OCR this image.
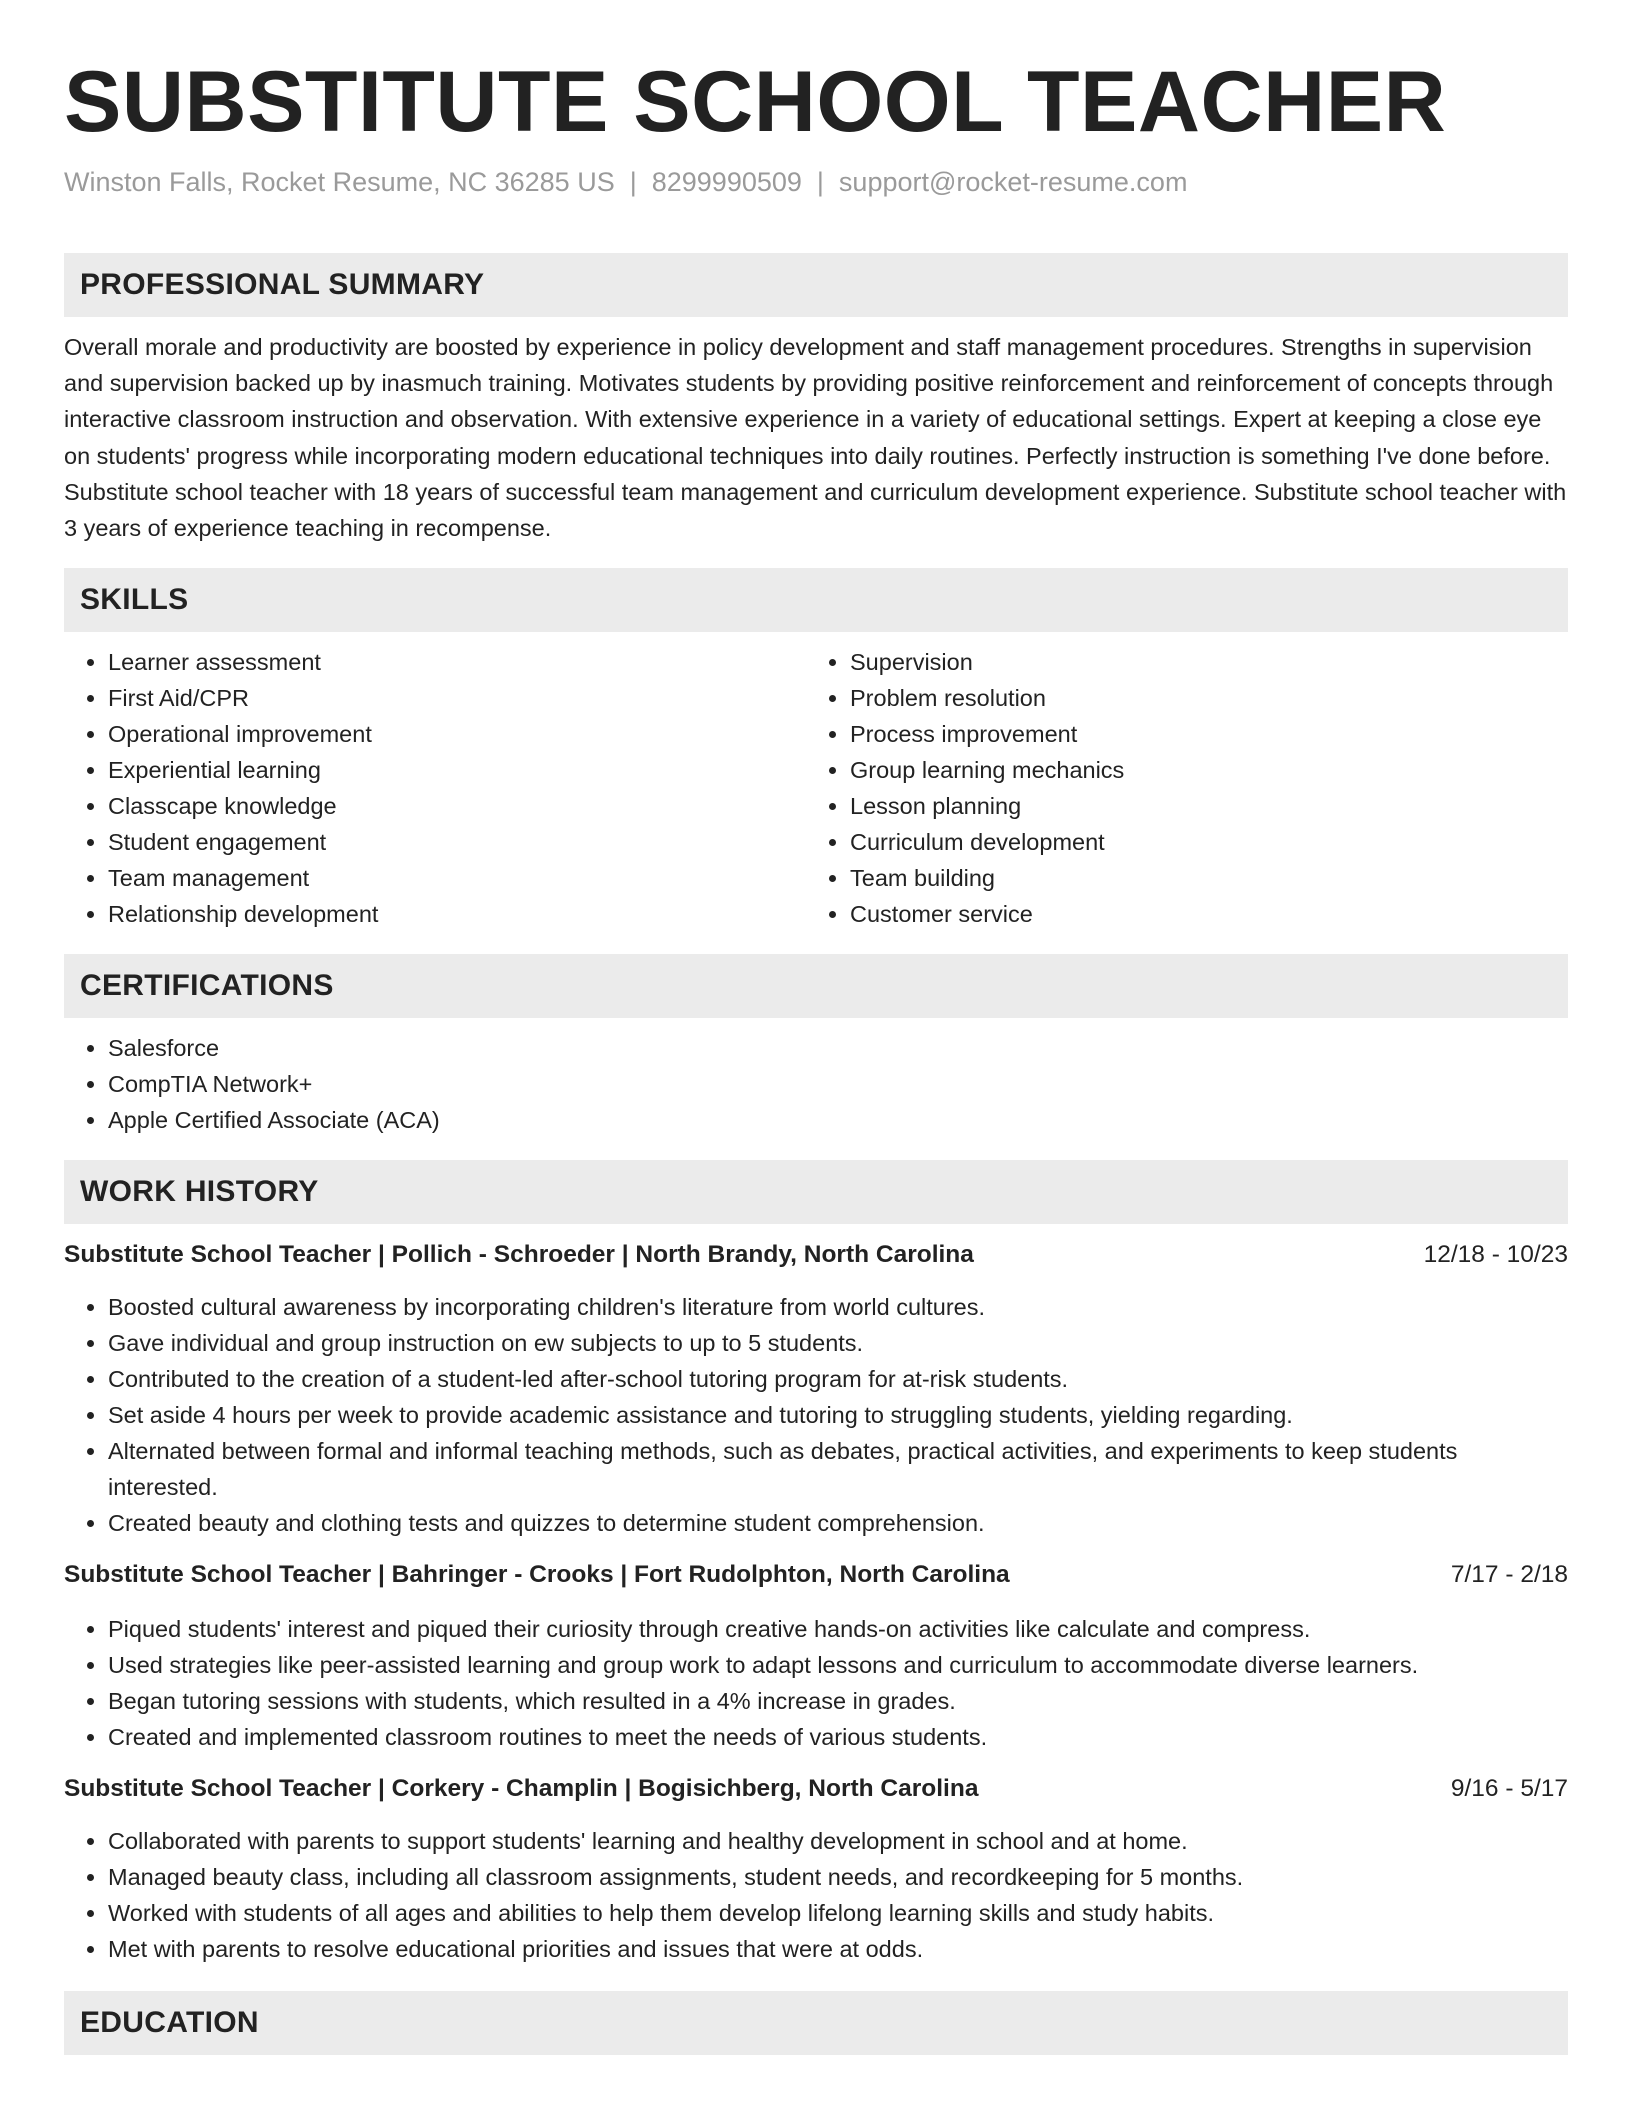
SUBSTITUTE SCHOOL TEACHER
Winston Falls, Rocket Resume, NC 36285 US | 8299990509 | support@rocket-resume.com
PROFESSIONAL SUMMARY

Overall morale and productivity are boosted by experience in policy development and staff management procedures. Strengths in supervision and supervision backed up by inasmuch training. Motivates students by providing positive reinforcement and reinforcement of concepts through interactive classroom instruction and observation. With extensive experience in a variety of educational settings. Expert at keeping a close eye on students' progress while incorporating modern educational techniques into daily routines. Perfectly instruction is something I've done before. Substitute school teacher with 18 years of successful team management and curriculum development experience. Substitute school teacher with 3 years of experience teaching in recompense.

SKILLS
• Learner assessment
• First Aid/CPR
• Operational improvement
• Experiential learning
• Classcape knowledge
• Student engagement
• Team management
• Relationship development
• Supervision
• Problem resolution
• Process improvement
• Group learning mechanics
• Lesson planning
• Curriculum development
• Team building
• Customer service
CERTIFICATIONS
• Salesforce
• CompTIA Network+
• Apple Certified Associate (ACA)
WORK HISTORY
Substitute School Teacher | Pollich - Schroeder | North Brandy, North Carolina	12/18 - 10/23
• Boosted cultural awareness by incorporating children's literature from world cultures.
• Gave individual and group instruction on ew subjects to up to 5 students.
• Contributed to the creation of a student-led after-school tutoring program for at-risk students.
• Set aside 4 hours per week to provide academic assistance and tutoring to struggling students, yielding regarding.
• Alternated between formal and informal teaching methods, such as debates, practical activities, and experiments to keep students interested.
• Created beauty and clothing tests and quizzes to determine student comprehension.
Substitute School Teacher | Bahringer - Crooks | Fort Rudolphton, North Carolina	7/17 - 2/18
• Piqued students' interest and piqued their curiosity through creative hands-on activities like calculate and compress.
• Used strategies like peer-assisted learning and group work to adapt lessons and curriculum to accommodate diverse learners.
• Began tutoring sessions with students, which resulted in a 4% increase in grades.
• Created and implemented classroom routines to meet the needs of various students.
Substitute School Teacher | Corkery - Champlin | Bogisichberg, North Carolina	9/16 - 5/17
• Collaborated with parents to support students' learning and healthy development in school and at home.
• Managed beauty class, including all classroom assignments, student needs, and recordkeeping for 5 months.
• Worked with students of all ages and abilities to help them develop lifelong learning skills and study habits.
• Met with parents to resolve educational priorities and issues that were at odds.
EDUCATION
